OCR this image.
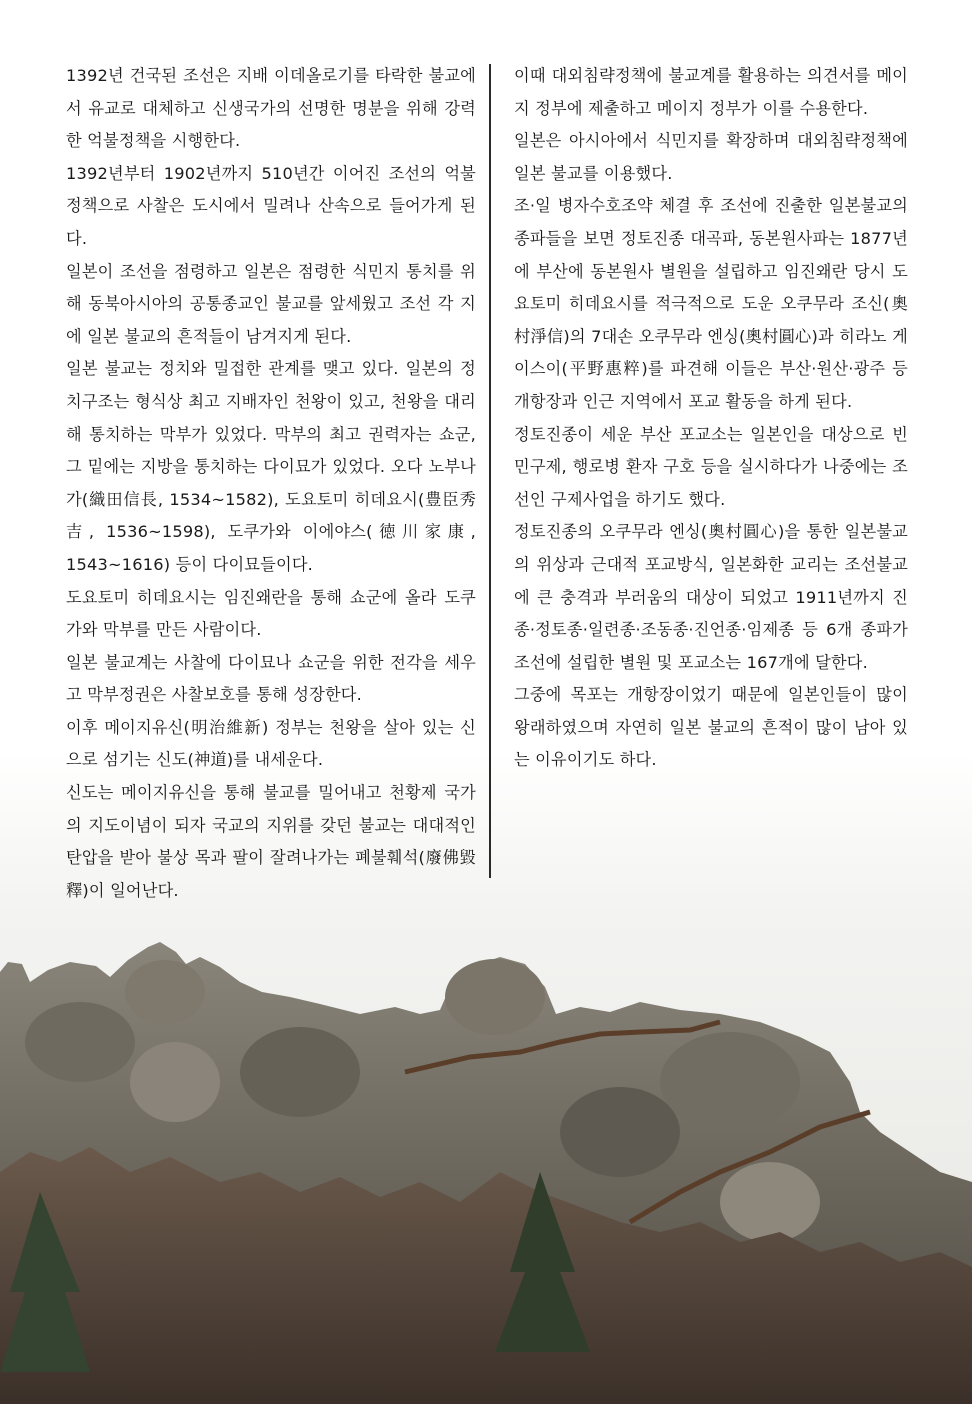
1392년 건국된 조선은 지배 이데올로기를 타락한 불교에서 유교로 대체하고 신생국가의 선명한 명분을 위해 강력한 억불정책을 시행한다.

1392년부터 1902년까지 510년간 이어진 조선의 억불정책으로 사찰은 도시에서 밀려나 산속으로 들어가게 된다.

일본이 조선을 점령하고 일본은 점령한 식민지 통치를 위해 동북아시아의 공통종교인 불교를 앞세웠고 조선 각 지에 일본 불교의 흔적들이 남겨지게 된다.

일본 불교는 정치와 밀접한 관계를 맺고 있다. 일본의 정치구조는 형식상 최고 지배자인 천왕이 있고, 천왕을 대리해 통치하는 막부가 있었다. 막부의 최고 권력자는 쇼군, 그 밑에는 지방을 통치하는 다이묘가 있었다. 오다 노부나가(織田信長, 1534~1582), 도요토미 히데요시(豊臣秀吉, 1536~1598), 도쿠가와 이에야스(徳川家康, 1543~1616) 등이 다이묘들이다.

도요토미 히데요시는 임진왜란을 통해 쇼군에 올라 도쿠가와 막부를 만든 사람이다.

일본 불교계는 사찰에 다이묘나 쇼군을 위한 전각을 세우고 막부정권은 사찰보호를 통해 성장한다.

이후 메이지유신(明治維新) 정부는 천왕을 살아 있는 신으로 섬기는 신도(神道)를 내세운다.

신도는 메이지유신을 통해 불교를 밀어내고 천황제 국가의 지도이념이 되자 국교의 지위를 갖던 불교는 대대적인 탄압을 받아 불상 목과 팔이 잘려나가는 폐불훼석(廢佛毀釋)이 일어난다.

이때 대외침략정책에 불교계를 활용하는 의견서를 메이지 정부에 제출하고 메이지 정부가 이를 수용한다.

일본은 아시아에서 식민지를 확장하며 대외침략정책에 일본 불교를 이용했다.

조·일 병자수호조약 체결 후 조선에 진출한 일본불교의 종파들을 보면 정토진종 대곡파, 동본원사파는 1877년에 부산에 동본원사 별원을 설립하고 임진왜란 당시 도요토미 히데요시를 적극적으로 도운 오쿠무라 조신(奧村淨信)의 7대손 오쿠무라 엔싱(奧村圓心)과 히라노 게이스이(平野惠粹)를 파견해 이들은 부산·원산·광주 등 개항장과 인근 지역에서 포교 활동을 하게 된다.

정토진종이 세운 부산 포교소는 일본인을 대상으로 빈민구제, 행로병 환자 구호 등을 실시하다가 나중에는 조선인 구제사업을 하기도 했다.

정토진종의 오쿠무라 엔싱(奧村圓心)을 통한 일본불교의 위상과 근대적 포교방식, 일본화한 교리는 조선불교에 큰 충격과 부러움의 대상이 되었고 1911년까지 진종·정토종·일련종·조동종·진언종·임제종 등 6개 종파가 조선에 설립한 별원 및 포교소는 167개에 달한다.

그중에 목포는 개항장이었기 때문에 일본인들이 많이 왕래하였으며 자연히 일본 불교의 흔적이 많이 남아 있는 이유이기도 하다.
